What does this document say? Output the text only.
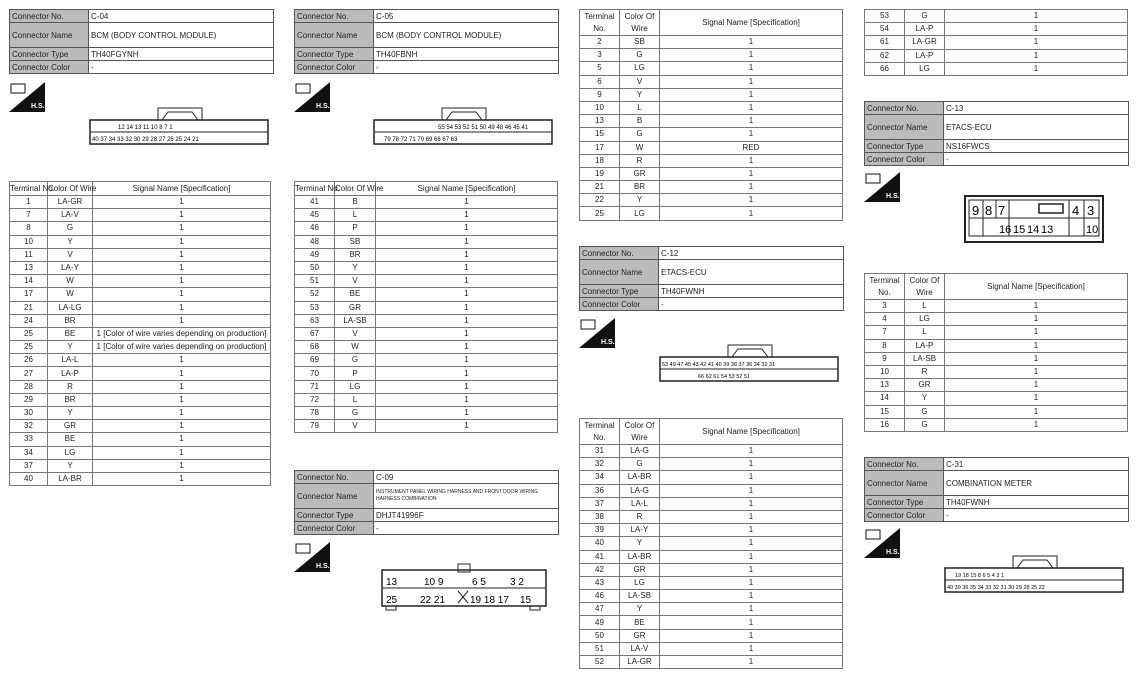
Connector No.	C-04
Connector Name	BCM (BODY CONTROL MODULE)
Connector Type	TH40FGYNH
Connector Color	-
H.S.
12 14 13 11 10 8 7 1
40 37 34 33 32 30 29 28 27 26 25 24 21
Terminal No.	Color Of Wire	Signal Name [Specification]
1	LA-GR	1
7	LA-V	1
8	G	1
10	Y	1
11	V	1
13	LA-Y	1
14	W	1
17	W	1
21	LA-LG	1
24	BR	1
25	BE	1 [Color of wire varies depending on production]
25	Y	1 [Color of wire varies depending on production]
26	LA-L	1
27	LA-P	1
28	R	1
29	BR	1
30	Y	1
32	GR	1
33	BE	1
34	LG	1
37	Y	1
40	LA-BR	1
Connector No.	C-05
Connector Name	BCM (BODY CONTROL MODULE)
Connector Type	TH40FBNH
Connector Color	-
H.S.
55 54 53 52 51 50 49 48 46 45 41
79 78 72 71 70 69 68 67 63
Terminal No.	Color Of Wire	Signal Name [Specification]
41	B	1
45	L	1
46	P	1
48	SB	1
49	BR	1
50	Y	1
51	V	1
52	BE	1
53	GR	1
63	LA-SB	1
67	V	1
68	W	1
69	G	1
70	P	1
71	LG	1
72	L	1
78	G	1
79	V	1
Connector No.	C-09
Connector Name	INSTRUMENT PANEL WIRING HARNESS AND FRONT DOOR WIRING HARNESS COMBINATION
Connector Type	DHJT41996F
Connector Color	-
H.S.
13	10 9	6 5 3 2
25 22 21 19 18 17 15
Terminal No.	Color Of Wire	Signal Name [Specification]
2	SB	1
3	G	1
5	LG	1
6	V	1
9	Y	1
10	L	1
13	B	1
15	G	1
17	W	RED
18	R	1
19	GR	1
21	BR	1
22	Y	1
25	LG	1
Connector No.	C-12
Connector Name	ETACS-ECU
Connector Type	TH40FWNH
Connector Color	-
H.S.
53 49 47 45 43 42 41 40 39 38 37 36 34 32 31
66 62 61 54 53 52 51
Terminal No.	Color Of Wire	Signal Name [Specification]
31	LA-G	1
32	G	1
34	LA-BR	1
36	LA-G	1
37	LA-L	1
38	R	1
39	LA-Y	1
40	Y	1
41	LA-BR	1
42	GR	1
43	LG	1
46	LA-SB	1
47	Y	1
49	BE	1
50	GR	1
51	LA-V	1
52	LA-GR	1
53	G	1
54	LA-P	1
61	LA-GR	1
62	LA-P	1
66	LG	1
Connector No.	C-13
Connector Name	ETACS-ECU
Connector Type	NS16FWCS
Connector Color	-
H.S.
9 8 7	4 3
16 15 14 13	10
Terminal No.	Color Of Wire	Signal Name [Specification]
3	L	1
4	LG	1
7	L	1
8	LA-P	1
9	LA-SB	1
10	R	1
13	GR	1
14	Y	1
15	G	1
16	G	1
Connector No.	C-31
Connector Name	COMBINATION METER
Connector Type	TH40FWNH
Connector Color	-
H.S.
19 18 15 8 6 5 4 3 1
40 39 36 35 34 33 32 31 30 29 28 25 22
